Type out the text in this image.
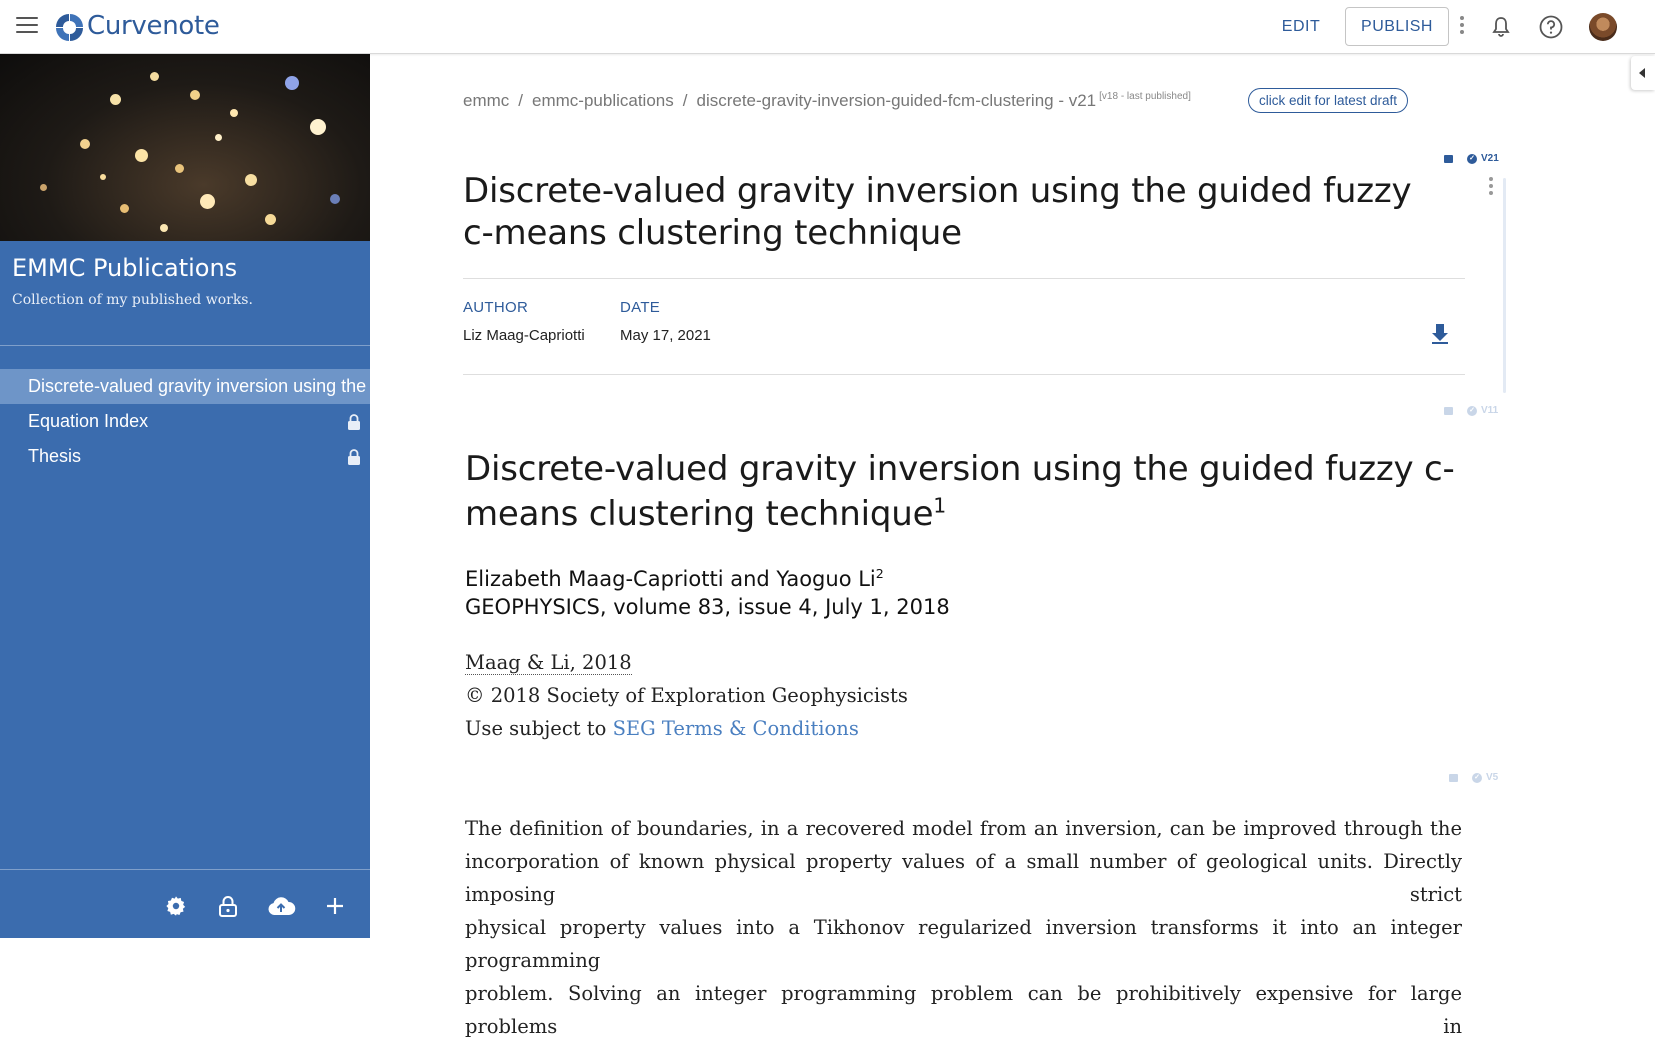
Curvenote	EDIT	PUBLISH
EMMC Publications
Collection of my published works.
Discrete-valued gravity inversion using the guided fuzzy c-means clustering technique
Equation Index
Thesis
emmc / emmc-publications / discrete-gravity-inversion-guided-fcm-clustering - v21 [v18 - last published]	click edit for latest draft
✓ V21
✓ V11
✓ V5
Discrete-valued gravity inversion using the guided fuzzy c-means clustering technique
AUTHOR	DATE
Liz Maag-Capriotti May 17, 2021
Discrete-valued gravity inversion using the guided fuzzy c-means clustering technique$^1$
Elizabeth Maag-Capriotti and Yaoguo Li$^2$
GEOPHYSICS, volume 83, issue 4, July 1, 2018
Maag & Li, 2018
© 2018 Society of Exploration Geophysicists
Use subject to SEG Terms & Conditions
The definition of boundaries, in a recovered model from an inversion, can be improved through the
incorporation of known physical property values of a small number of geological units. Directly imposing strict
physical property values into a Tikhonov regularized inversion transforms it into an integer programming
problem. Solving an integer programming problem can be prohibitively expensive for large problems in
